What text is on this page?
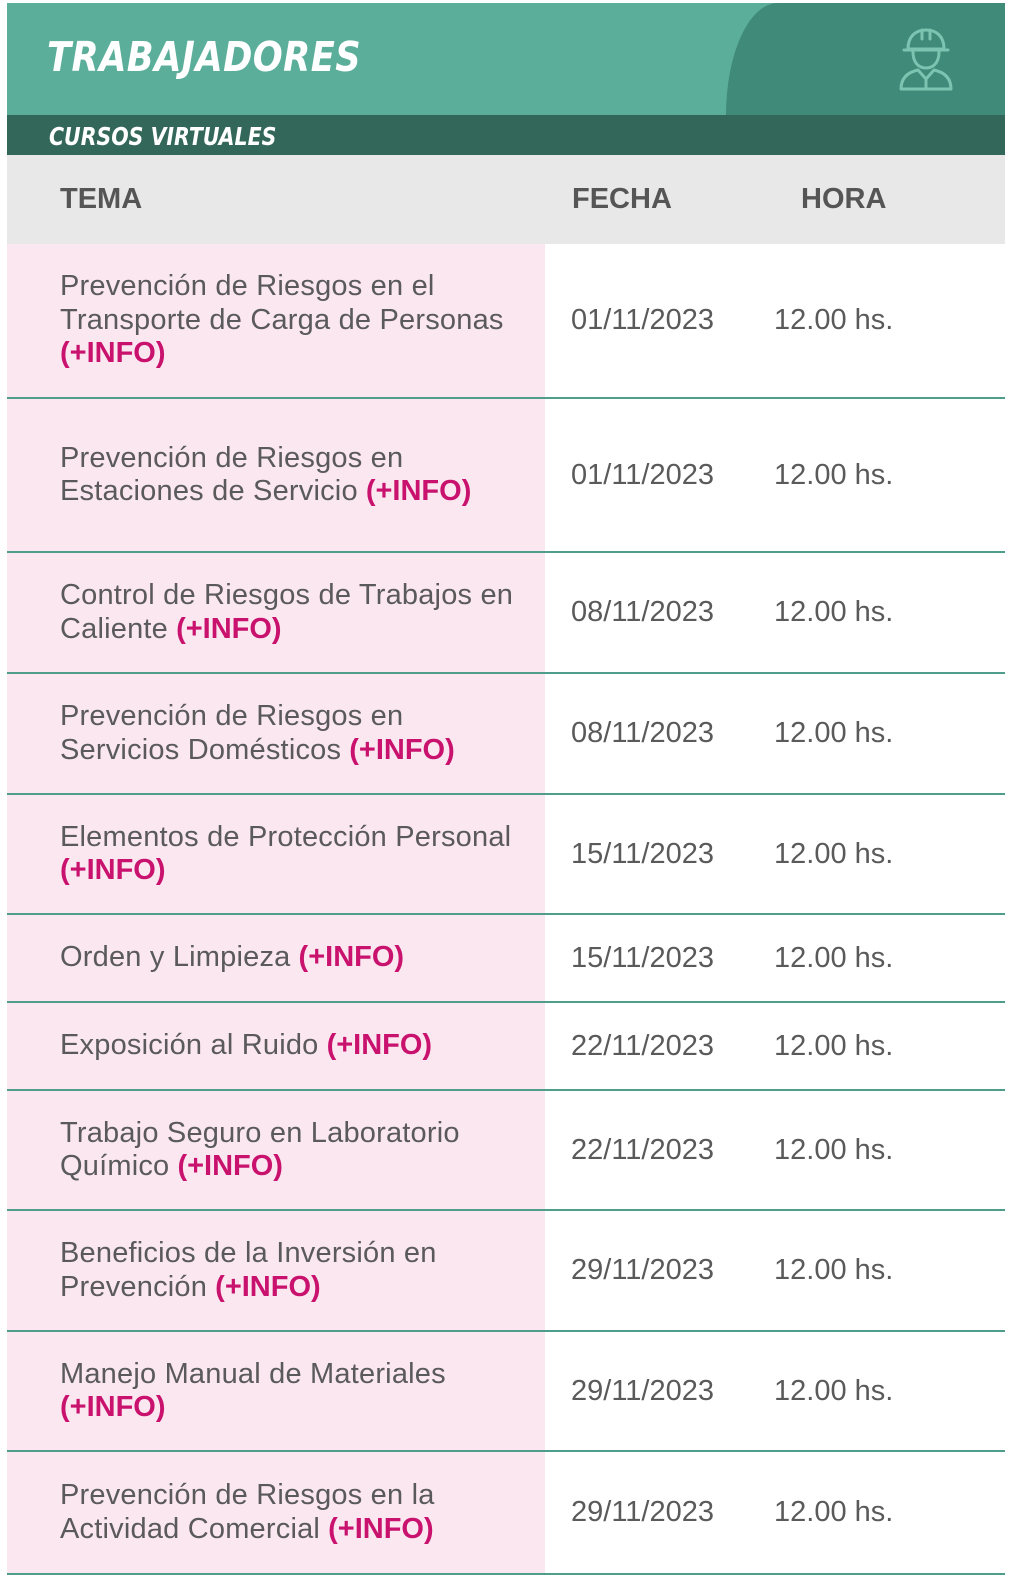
TRABAJADORES
CURSOS VIRTUALES
TEMA	FECHA	HORA
Prevención de Riesgos en el Transporte de Carga de Personas (+INFO)
01/11/2023	12.00 hs.
Prevención de Riesgos en Estaciones de Servicio (+INFO)
01/11/2023	12.00 hs.
Control de Riesgos de Trabajos en Caliente (+INFO)
08/11/2023	12.00 hs.
Prevención de Riesgos en Servicios Domésticos (+INFO)
08/11/2023	12.00 hs.
Elementos de Protección Personal (+INFO)
15/11/2023	12.00 hs.
Orden y Limpieza (+INFO)	15/11/2023	12.00 hs.
Exposición al Ruido (+INFO)	22/11/2023	12.00 hs.
Trabajo Seguro en Laboratorio Químico (+INFO)
22/11/2023	12.00 hs.
Beneficios de la Inversión en Prevención (+INFO)
29/11/2023	12.00 hs.
Manejo Manual de Materiales (+INFO)
29/11/2023	12.00 hs.
Prevención de Riesgos en la Actividad Comercial (+INFO)
29/11/2023	12.00 hs.
